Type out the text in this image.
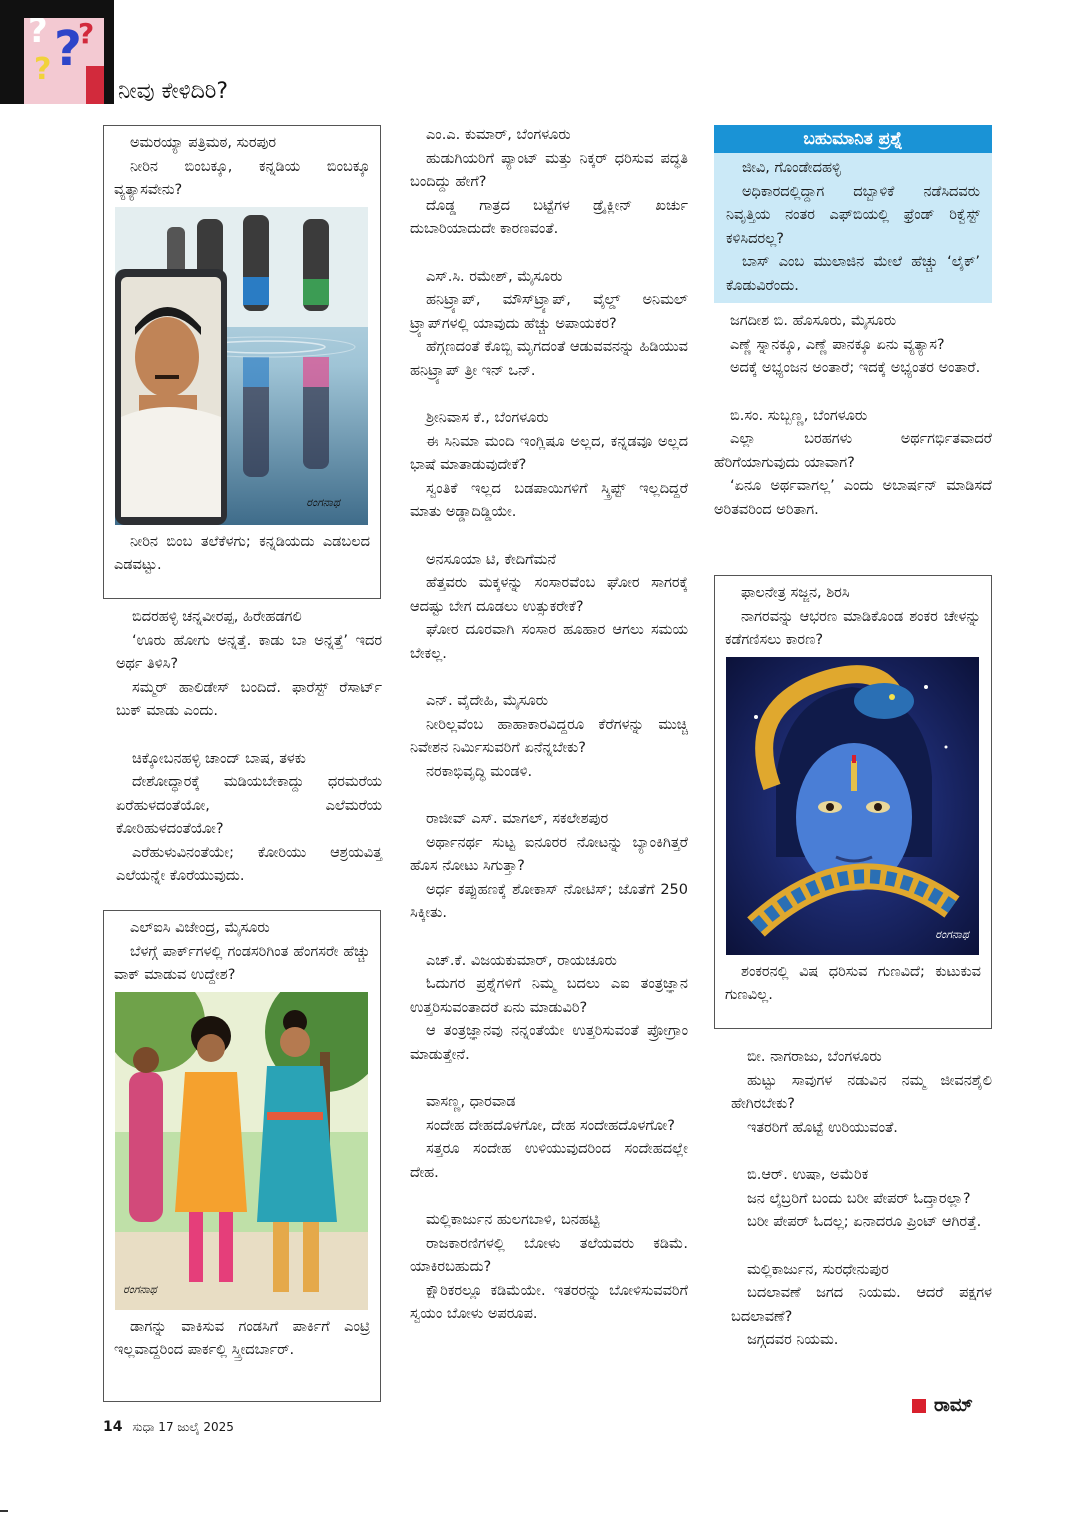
? ?
?
?
ನೀವು ಕೇಳಿದಿರಿ?

ಅಮರಯ್ಯಾ ಪತ್ರಿಮಠ, ಸುರಪುರ

ನೀರಿನ ಬಿಂಬಕ್ಕೂ, ಕನ್ನಡಿಯ ಬಿಂಬಕ್ಕೂ ವ್ಯತ್ಯಾಸವೇನು?

ರಂಗನಾಥ

ನೀರಿನ ಬಿಂಬ ತಲೆಕೆಳಗು; ಕನ್ನಡಿಯದು ಎಡಬಲದ ಎಡವಟ್ಟು.

ಬಿದರಹಳ್ಳಿ ಚನ್ನವೀರಪ್ಪ, ಹಿರೇಹಡಗಲಿ

‘ಊರು ಹೋಗು ಅನ್ನತ್ತೆ. ಕಾಡು ಬಾ ಅನ್ನತ್ತೆ’ ಇದರ ಅರ್ಥ ತಿಳಿಸಿ?

ಸಮ್ಮರ್ ಹಾಲಿಡೇಸ್ ಬಂದಿದೆ. ಫಾರೆಸ್ಟ್ ರೆಸಾರ್ಟ್ ಬುಕ್ ಮಾಡು ಎಂದು.

ಚಿಕ್ಕೋಬನಹಳ್ಳಿ ಚಾಂದ್ ಬಾಷ, ತಳಕು

ದೇಶೋದ್ಧಾರಕ್ಕೆ ಮಡಿಯಬೇಕಾದ್ದು ಧರಮರೆಯ ಏರೆಹುಳದಂತೆಯೋ, ಎಲೆಮರೆಯ ಕೋರಿಹುಳದಂತೆಯೋ?

ಎರೆಹುಳುವಿನಂತೆಯೇ; ಕೋರಿಯು ಆಶ್ರಯವಿತ್ತ ಎಲೆಯನ್ನೇ ಕೊರೆಯುವುದು.

ಎಲ್‌ಐಸಿ ವಿಜೇಂದ್ರ, ಮೈಸೂರು

ಬೆಳಗ್ಗೆ ಪಾರ್ಕ್‌ಗಳಲ್ಲಿ ಗಂಡಸರಿಗಿಂತ ಹೆಂಗಸರೇ ಹೆಚ್ಚು ವಾಕ್ ಮಾಡುವ ಉದ್ದೇಶ?

ರಂಗನಾಥ

ಡಾಗನ್ನು ವಾಕಿಸುವ ಗಂಡಸಿಗೆ ಪಾರ್ಕಿಗೆ ಎಂಟ್ರಿ ಇಲ್ಲವಾದ್ದರಿಂದ ಪಾರ್ಕಲ್ಲಿ ಸ್ತ್ರೀದರ್ಬಾರ್.

ಎಂ.ಎ. ಕುಮಾರ್, ಬೆಂಗಳೂರು

ಹುಡುಗಿಯರಿಗೆ ಪ್ಯಾಂಟ್ ಮತ್ತು ನಿಕ್ಕರ್ ಧರಿಸುವ ಪದ್ಧತಿ ಬಂದಿದ್ದು ಹೇಗೆ?

ದೊಡ್ಡ ಗಾತ್ರದ ಬಟ್ಟೆಗಳ ಡ್ರೈಕ್ಲೀನ್ ಖರ್ಚು ದುಬಾರಿಯಾದುದೇ ಕಾರಣವಂತೆ.

ಎಸ್.ಸಿ. ರಮೇಶ್, ಮೈಸೂರು

ಹನಿಟ್ರ್ಯಾಪ್, ಮೌಸ್‌ಟ್ರ್ಯಾಪ್, ವೈಲ್ಡ್ ಅನಿಮಲ್ ಟ್ರ್ಯಾಪ್‌ಗಳಲ್ಲಿ ಯಾವುದು ಹೆಚ್ಚು ಅಪಾಯಕರ?

ಹೆಗ್ಗಣದಂತೆ ಕೊಬ್ಬಿ ಮೃಗದಂತೆ ಆಡುವವನನ್ನು ಹಿಡಿಯುವ ಹನಿಟ್ರ್ಯಾಪ್ ತ್ರೀ ಇನ್ ಒನ್.

ಶ್ರೀನಿವಾಸ ಕೆ., ಬೆಂಗಳೂರು

ಈ ಸಿನಿಮಾ ಮಂದಿ ಇಂಗ್ಲಿಷೂ ಅಲ್ಲದ, ಕನ್ನಡವೂ ಅಲ್ಲದ ಭಾಷೆ ಮಾತಾಡುವುದೇಕೆ?

ಸ್ವಂತಿಕೆ ಇಲ್ಲದ ಬಡಪಾಯಿಗಳಿಗೆ ಸ್ಕ್ರಿಪ್ಟ್ ಇಲ್ಲದಿದ್ದರೆ ಮಾತು ಅಡ್ಡಾದಿಡ್ಡಿಯೇ.

ಅನಸೂಯಾ ಟಿ, ಕೇದಿಗೆಮನೆ

ಹೆತ್ತವರು ಮಕ್ಕಳನ್ನು ಸಂಸಾರವೆಂಬ ಘೋರ ಸಾಗರಕ್ಕೆ ಆದಷ್ಟು ಬೇಗ ದೂಡಲು ಉತ್ಸುಕರೇಕೆ?

ಘೋರ ದೂರವಾಗಿ ಸಂಸಾರ ಹೂಹಾರ ಆಗಲು ಸಮಯ ಬೇಕಲ್ಲ.

ಎನ್. ವೈದೇಹಿ, ಮೈಸೂರು

ನೀರಿಲ್ಲವೆಂಬ ಹಾಹಾಕಾರವಿದ್ದರೂ ಕೆರೆಗಳನ್ನು ಮುಚ್ಚಿ ನಿವೇಶನ ನಿರ್ಮಿಸುವರಿಗೆ ಏನೆನ್ನಬೇಕು?

ನರಕಾಭಿವೃದ್ಧಿ ಮಂಡಳಿ.

ರಾಜೀವ್ ಎಸ್. ಮಾಗಲ್, ಸಕಲೇಶಪುರ

ಅರ್ಥಾನರ್ಥ ಸುಟ್ಟ ಐನೂರರ ನೋಟನ್ನು ಬ್ಯಾಂಕಿಗಿತ್ತರೆ ಹೊಸ ನೋಟು ಸಿಗುತ್ತಾ?

ಅರ್ಧ ಕಪ್ಪುಹಣಕ್ಕೆ ಶೋಕಾಸ್ ನೋಟಿಸ್; ಜೊತೆಗೆ 250 ಸಿಕ್ಕೀತು.

ಎಚ್.ಕೆ. ವಿಜಯಕುಮಾರ್, ರಾಯಚೂರು

ಓದುಗರ ಪ್ರಶ್ನೆಗಳಿಗೆ ನಿಮ್ಮ ಬದಲು ಎಐ ತಂತ್ರಜ್ಞಾನ ಉತ್ತರಿಸುವಂತಾದರೆ ಏನು ಮಾಡುವಿರಿ?

ಆ ತಂತ್ರಜ್ಞಾನವು ನನ್ನಂತೆಯೇ ಉತ್ತರಿಸುವಂತೆ ಪ್ರೋಗ್ರಾಂ ಮಾಡುತ್ತೇನೆ.

ವಾಸಣ್ಣ, ಧಾರವಾಡ

ಸಂದೇಹ ದೇಹದೊಳಗೋ, ದೇಹ ಸಂದೇಹದೊಳಗೋ?

ಸತ್ತರೂ ಸಂದೇಹ ಉಳಿಯುವುದರಿಂದ ಸಂದೇಹದಲ್ಲೇ ದೇಹ.

ಮಲ್ಲಿಕಾರ್ಜುನ ಹುಲಗಬಾಳಿ, ಬನಹಟ್ಟಿ

ರಾಜಕಾರಣಿಗಳಲ್ಲಿ ಬೋಳು ತಲೆಯವರು ಕಡಿಮೆ. ಯಾಕಿರಬಹುದು?

ಕ್ಷೌರಿಕರಲ್ಲೂ ಕಡಿಮೆಯೇ. ಇತರರನ್ನು ಬೋಳಿಸುವವರಿಗೆ ಸ್ವಯಂ ಬೋಳು ಅಪರೂಪ.

ಬಹುಮಾನಿತ ಪ್ರಶ್ನೆ

ಜೀವಿ, ಗೊಂಡೇದಹಳ್ಳಿ

ಅಧಿಕಾರದಲ್ಲಿದ್ದಾಗ ದಬ್ಬಾಳಿಕೆ ನಡೆಸಿದವರು ನಿವೃತ್ತಿಯ ನಂತರ ಎಫ್‌ಬಿಯಲ್ಲಿ ಫ್ರೆಂಡ್ ರಿಕ್ವೆಸ್ಟ್ ಕಳಿಸಿದರಲ್ಲ?

ಬಾಸ್ ಎಂಬ ಮುಲಾಜಿನ ಮೇಲೆ ಹೆಚ್ಚು ‘ಲೈಕ್’ ಕೊಡುವಿರೆಂದು.

ಜಗದೀಶ ಬಿ. ಹೊಸೂರು, ಮೈಸೂರು

ಎಣ್ಣೆ ಸ್ನಾನಕ್ಕೂ, ಎಣ್ಣೆ ಪಾನಕ್ಕೂ ಏನು ವ್ಯತ್ಯಾಸ?

ಅದಕ್ಕೆ ಅಭ್ಯಂಜನ ಅಂತಾರೆ; ಇದಕ್ಕೆ ಅಭ್ಯಂತರ ಅಂತಾರೆ.

ಬಿ.ಸಂ. ಸುಬ್ಬಣ್ಣ, ಬೆಂಗಳೂರು

ಎಲ್ಲಾ ಬರಹಗಳು ಅರ್ಥಗರ್ಭಿತವಾದರೆ ಹೆರಿಗೆಯಾಗುವುದು ಯಾವಾಗ?

‘ಏನೂ ಅರ್ಥವಾಗಲ್ಲ’ ಎಂದು ಅಬಾರ್ಷನ್ ಮಾಡಿಸದೆ ಅರಿತವರಿಂದ ಅರಿತಾಗ.

ಫಾಲನೇತ್ರ ಸಜ್ಜನ, ಶಿರಸಿ

ನಾಗರವನ್ನು ಆಭರಣ ಮಾಡಿಕೊಂಡ ಶಂಕರ ಚೇಳನ್ನು ಕಡೆಗಣಿಸಲು ಕಾರಣ?

ರಂಗನಾಥ

ಶಂಕರನಲ್ಲಿ ವಿಷ ಧರಿಸುವ ಗುಣವಿದೆ; ಕುಟುಕುವ ಗುಣವಿಲ್ಲ.

ಬೀ. ನಾಗರಾಜು, ಬೆಂಗಳೂರು

ಹುಟ್ಟು ಸಾವುಗಳ ನಡುವಿನ ನಮ್ಮ ಜೀವನಶೈಲಿ ಹೇಗಿರಬೇಕು?

ಇತರರಿಗೆ ಹೊಟ್ಟೆ ಉರಿಯುವಂತೆ.

ಬಿ.ಆರ್. ಉಷಾ, ಅಮೆರಿಕ

ಜನ ಲೈಬ್ರರಿಗೆ ಬಂದು ಬರೀ ಪೇಪರ್ ಓದ್ತಾರಲ್ಲಾ?

ಬರೀ ಪೇಪರ್ ಓದಲ್ಲ; ಏನಾದರೂ ಪ್ರಿಂಟ್ ಆಗಿರತ್ತೆ.

ಮಲ್ಲಿಕಾರ್ಜುನ, ಸುರಧೇನುಪುರ

ಬದಲಾವಣೆ ಜಗದ ನಿಯಮ. ಆದರೆ ಪಕ್ಷಗಳ ಬದಲಾವಣೆ?

ಜಗ್ಗದವರ ನಿಯಮ.

ರಾಮ್
14 ಸುಧಾ 17 ಜುಲೈ 2025
